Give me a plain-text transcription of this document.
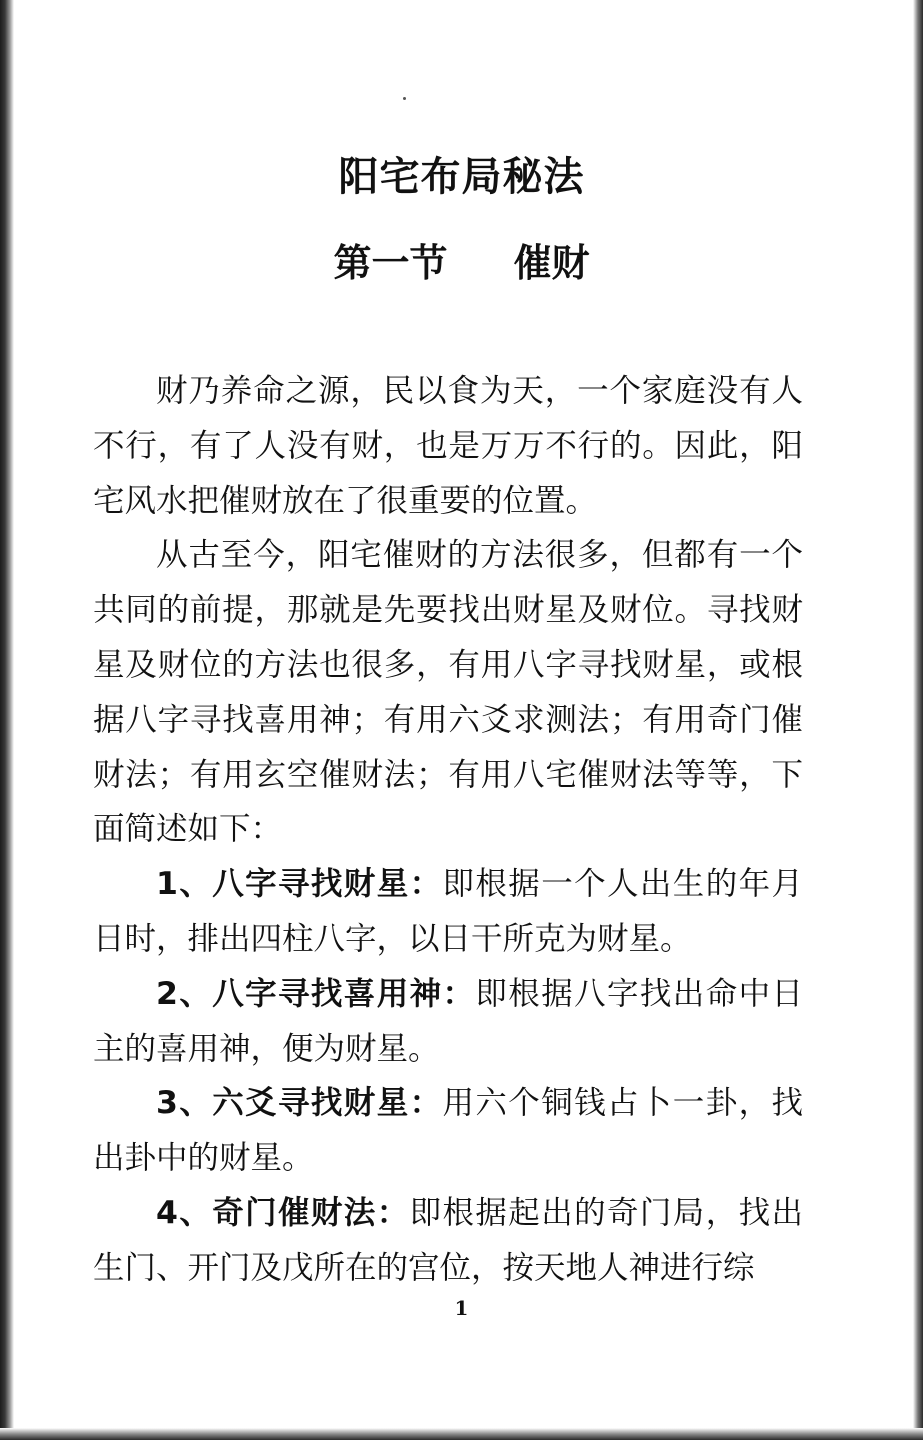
阳宅布局秘法
第一节 催财

财乃养命之源，民以食为天，一个家庭没有人不行，有了人没有财，也是万万不行的。因此，阳宅风水把催财放在了很重要的位置。

从古至今，阳宅催财的方法很多，但都有一个共同的前提，那就是先要找出财星及财位。寻找财星及财位的方法也很多，有用八字寻找财星，或根据八字寻找喜用神；有用六爻求测法；有用奇门催财法；有用玄空催财法；有用八宅催财法等等，下面简述如下：

1、八字寻找财星：即根据一个人出生的年月日时，排出四柱八字，以日干所克为财星。

2、八字寻找喜用神：即根据八字找出命中日主的喜用神，便为财星。

3、六爻寻找财星：用六个铜钱占卜一卦，找出卦中的财星。

4、奇门催财法：即根据起出的奇门局，找出生门、开门及戊所在的宫位，按天地人神进行综

1
